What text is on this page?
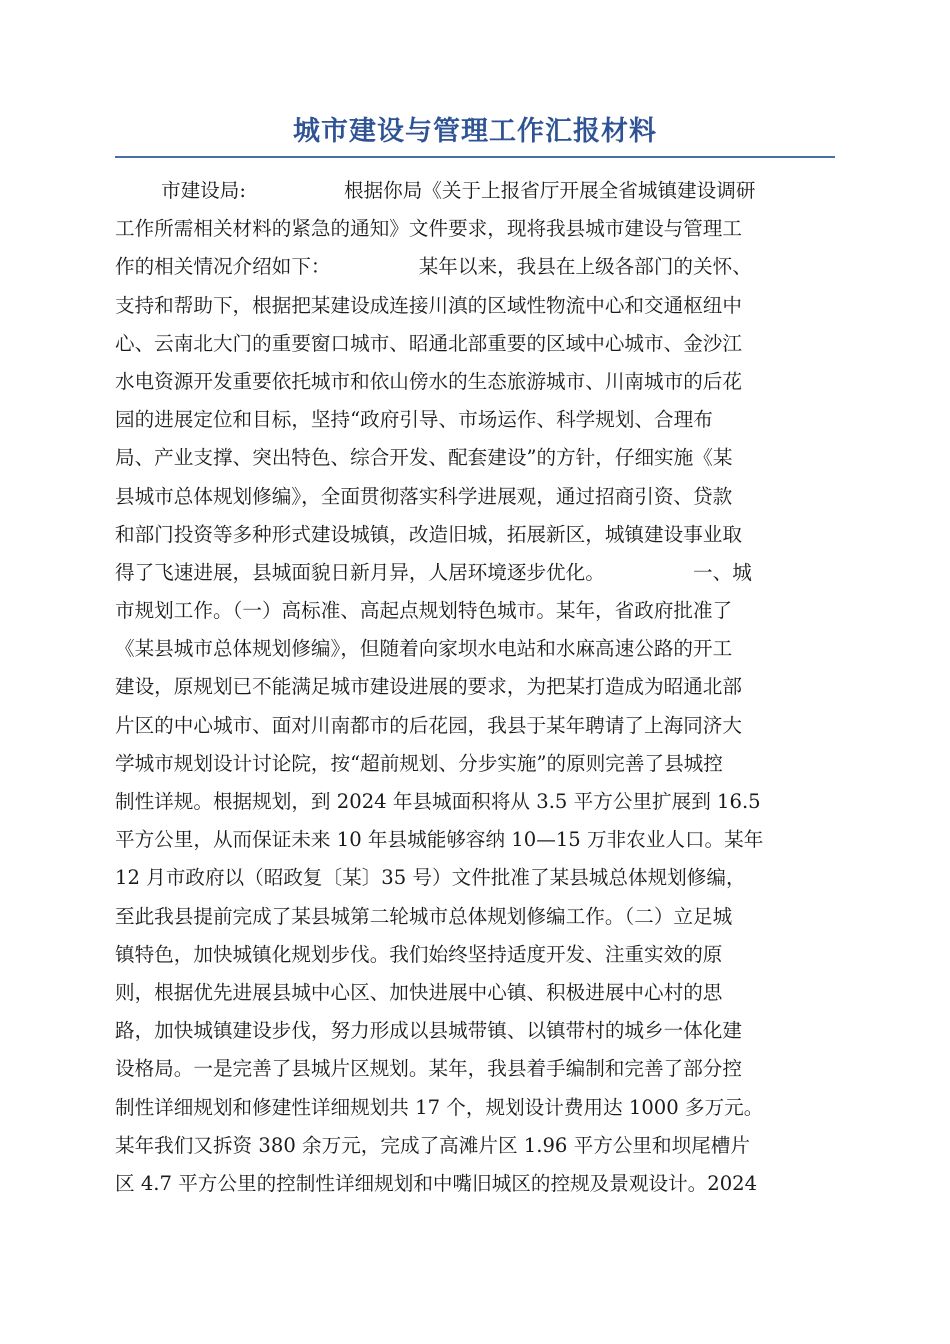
城市建设与管理工作汇报材料
市建设局:　　　　　根据你局《关于上报省厅开展全省城镇建设调研
工作所需相关材料的紧急的通知》文件要求，现将我县城市建设与管理工
作的相关情况介绍如下：　　　　　某年以来，我县在上级各部门的关怀、
支持和帮助下，根据把某建设成连接川滇的区域性物流中心和交通枢纽中
心、云南北大门的重要窗口城市、昭通北部重要的区域中心城市、金沙江
水电资源开发重要依托城市和依山傍水的生态旅游城市、川南城市的后花
园的进展定位和目标，坚持“政府引导、市场运作、科学规划、合理布
局、产业支撑、突出特色、综合开发、配套建设”的方针，仔细实施《某
县城市总体规划修编》，全面贯彻落实科学进展观，通过招商引资、贷款
和部门投资等多种形式建设城镇，改造旧城，拓展新区，城镇建设事业取
得了飞速进展，县城面貌日新月异，人居环境逐步优化。　　　　　一、城
市规划工作。（一）高标准、高起点规划特色城市。某年，省政府批准了
《某县城市总体规划修编》，但随着向家坝水电站和水麻高速公路的开工
建设，原规划已不能满足城市建设进展的要求，为把某打造成为昭通北部
片区的中心城市、面对川南都市的后花园，我县于某年聘请了上海同济大
学城市规划设计讨论院，按“超前规划、分步实施”的原则完善了县城控
制性详规。根据规划，到 2024 年县城面积将从 3.5 平方公里扩展到 16.5
平方公里，从而保证未来 10 年县城能够容纳 10—15 万非农业人口。某年
12 月市政府以（昭政复〔某〕35 号）文件批准了某县城总体规划修编，
至此我县提前完成了某县城第二轮城市总体规划修编工作。（二）立足城
镇特色，加快城镇化规划步伐。我们始终坚持适度开发、注重实效的原
则，根据优先进展县城中心区、加快进展中心镇、积极进展中心村的思
路，加快城镇建设步伐，努力形成以县城带镇、以镇带村的城乡一体化建
设格局。一是完善了县城片区规划。某年，我县着手编制和完善了部分控
制性详细规划和修建性详细规划共 17 个，规划设计费用达 1000 多万元。
某年我们又拆资 380 余万元，完成了高滩片区 1.96 平方公里和坝尾槽片
区 4.7 平方公里的控制性详细规划和中嘴旧城区的控规及景观设计。2024
